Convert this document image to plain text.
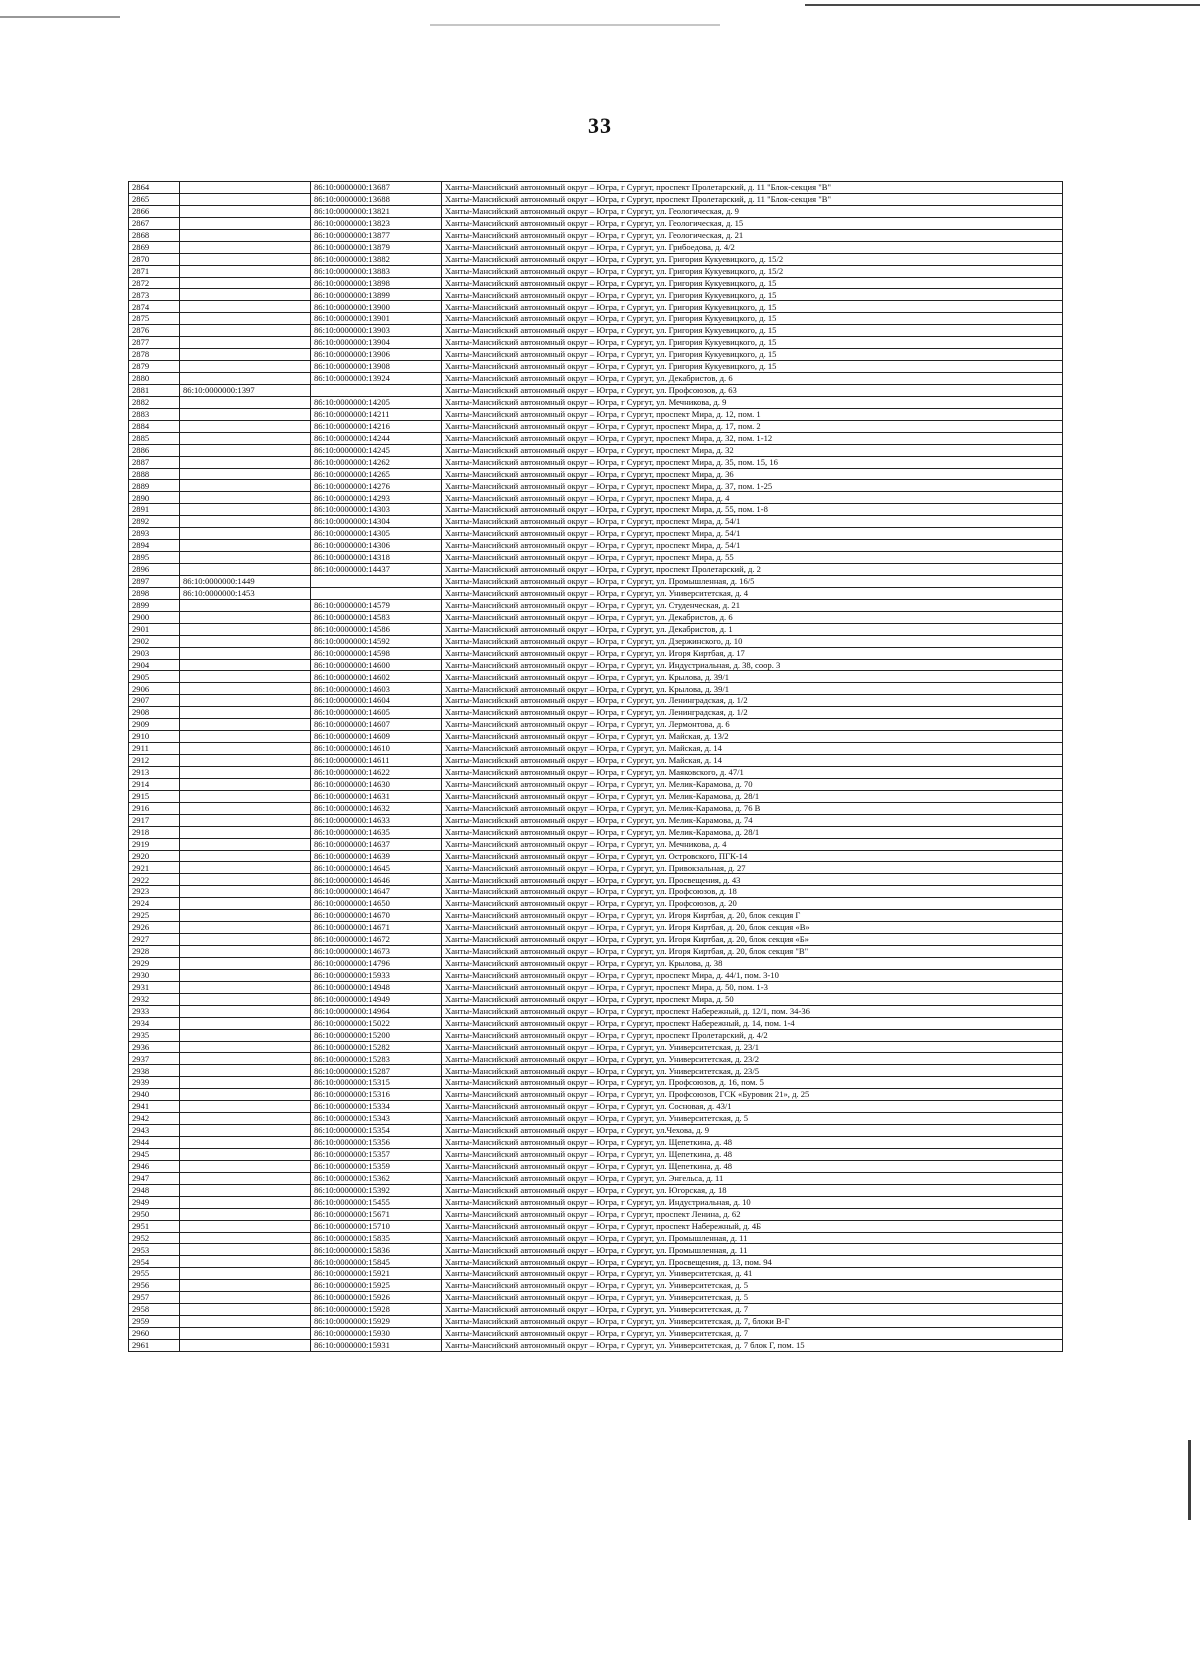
33
2864		86:10:0000000:13687	Ханты-Мансийский автономный округ – Югра, г Сургут, проспект Пролетарский, д. 11 "Блок-секция "В"
2865		86:10:0000000:13688	Ханты-Мансийский автономный округ – Югра, г Сургут, проспект Пролетарский, д. 11 "Блок-секция "В"
2866		86:10:0000000:13821	Ханты-Мансийский автономный округ – Югра, г Сургут, ул. Геологическая, д. 9
2867		86:10:0000000:13823	Ханты-Мансийский автономный округ – Югра, г Сургут, ул. Геологическая, д. 15
2868		86:10:0000000:13877	Ханты-Мансийский автономный округ – Югра, г Сургут, ул. Геологическая, д. 21
2869		86:10:0000000:13879	Ханты-Мансийский автономный округ – Югра, г Сургут, ул. Грибоедова, д. 4/2
2870		86:10:0000000:13882	Ханты-Мансийский автономный округ – Югра, г Сургут, ул. Григория Кукуевицкого, д. 15/2
2871		86:10:0000000:13883	Ханты-Мансийский автономный округ – Югра, г Сургут, ул. Григория Кукуевицкого, д. 15/2
2872		86:10:0000000:13898	Ханты-Мансийский автономный округ – Югра, г Сургут, ул. Григория Кукуевицкого, д. 15
2873		86:10:0000000:13899	Ханты-Мансийский автономный округ – Югра, г Сургут, ул. Григория Кукуевицкого, д. 15
2874		86:10:0000000:13900	Ханты-Мансийский автономный округ – Югра, г Сургут, ул. Григория Кукуевицкого, д. 15
2875		86:10:0000000:13901	Ханты-Мансийский автономный округ – Югра, г Сургут, ул. Григория Кукуевицкого, д. 15
2876		86:10:0000000:13903	Ханты-Мансийский автономный округ – Югра, г Сургут, ул. Григория Кукуевицкого, д. 15
2877		86:10:0000000:13904	Ханты-Мансийский автономный округ – Югра, г Сургут, ул. Григория Кукуевицкого, д. 15
2878		86:10:0000000:13906	Ханты-Мансийский автономный округ – Югра, г Сургут, ул. Григория Кукуевицкого, д. 15
2879		86:10:0000000:13908	Ханты-Мансийский автономный округ – Югра, г Сургут, ул. Григория Кукуевицкого, д. 15
2880		86:10:0000000:13924	Ханты-Мансийский автономный округ – Югра, г Сургут, ул. Декабристов, д. 6
2881	86:10:0000000:1397		Ханты-Мансийский автономный округ – Югра, г Сургут, ул. Профсоюзов, д. 63
2882		86:10:0000000:14205	Ханты-Мансийский автономный округ – Югра, г Сургут, ул. Мечникова, д. 9
2883		86:10:0000000:14211	Ханты-Мансийский автономный округ – Югра, г Сургут, проспект Мира, д. 12, пом. 1
2884		86:10:0000000:14216	Ханты-Мансийский автономный округ – Югра, г Сургут, проспект Мира, д. 17, пом. 2
2885		86:10:0000000:14244	Ханты-Мансийский автономный округ – Югра, г Сургут, проспект Мира, д. 32, пом. 1-12
2886		86:10:0000000:14245	Ханты-Мансийский автономный округ – Югра, г Сургут, проспект Мира, д. 32
2887		86:10:0000000:14262	Ханты-Мансийский автономный округ – Югра, г Сургут, проспект Мира, д. 35, пом. 15, 16
2888		86:10:0000000:14265	Ханты-Мансийский автономный округ – Югра, г Сургут, проспект Мира, д. 36
2889		86:10:0000000:14276	Ханты-Мансийский автономный округ – Югра, г Сургут, проспект Мира, д. 37, пом. 1-25
2890		86:10:0000000:14293	Ханты-Мансийский автономный округ – Югра, г Сургут, проспект Мира, д. 4
2891		86:10:0000000:14303	Ханты-Мансийский автономный округ – Югра, г Сургут, проспект Мира, д. 55, пом. 1-8
2892		86:10:0000000:14304	Ханты-Мансийский автономный округ – Югра, г Сургут, проспект Мира, д. 54/1
2893		86:10:0000000:14305	Ханты-Мансийский автономный округ – Югра, г Сургут, проспект Мира, д. 54/1
2894		86:10:0000000:14306	Ханты-Мансийский автономный округ – Югра, г Сургут, проспект Мира, д. 54/1
2895		86:10:0000000:14318	Ханты-Мансийский автономный округ – Югра, г Сургут, проспект Мира, д. 55
2896		86:10:0000000:14437	Ханты-Мансийский автономный округ – Югра, г Сургут, проспект Пролетарский, д. 2
2897	86:10:0000000:1449		Ханты-Мансийский автономный округ – Югра, г Сургут, ул. Промышленная, д. 16/5
2898	86:10:0000000:1453		Ханты-Мансийский автономный округ – Югра, г Сургут, ул. Университетская, д. 4
2899		86:10:0000000:14579	Ханты-Мансийский автономный округ – Югра, г Сургут, ул. Студенческая, д. 21
2900		86:10:0000000:14583	Ханты-Мансийский автономный округ – Югра, г Сургут, ул. Декабристов, д. 6
2901		86:10:0000000:14586	Ханты-Мансийский автономный округ – Югра, г Сургут, ул. Декабристов, д. 1
2902		86:10:0000000:14592	Ханты-Мансийский автономный округ – Югра, г Сургут, ул. Дзержинского, д. 10
2903		86:10:0000000:14598	Ханты-Мансийский автономный округ – Югра, г Сургут, ул. Игоря Киртбая, д. 17
2904		86:10:0000000:14600	Ханты-Мансийский автономный округ – Югра, г Сургут, ул. Индустриальная, д. 38, соор. 3
2905		86:10:0000000:14602	Ханты-Мансийский автономный округ – Югра, г Сургут, ул. Крылова, д. 39/1
2906		86:10:0000000:14603	Ханты-Мансийский автономный округ – Югра, г Сургут, ул. Крылова, д. 39/1
2907		86:10:0000000:14604	Ханты-Мансийский автономный округ – Югра, г Сургут, ул. Ленинградская, д. 1/2
2908		86:10:0000000:14605	Ханты-Мансийский автономный округ – Югра, г Сургут, ул. Ленинградская, д. 1/2
2909		86:10:0000000:14607	Ханты-Мансийский автономный округ – Югра, г Сургут, ул. Лермонтова, д. 6
2910		86:10:0000000:14609	Ханты-Мансийский автономный округ – Югра, г Сургут, ул. Майская, д. 13/2
2911		86:10:0000000:14610	Ханты-Мансийский автономный округ – Югра, г Сургут, ул. Майская, д. 14
2912		86:10:0000000:14611	Ханты-Мансийский автономный округ – Югра, г Сургут, ул. Майская, д. 14
2913		86:10:0000000:14622	Ханты-Мансийский автономный округ – Югра, г Сургут, ул. Маяковского, д. 47/1
2914		86:10:0000000:14630	Ханты-Мансийский автономный округ – Югра, г Сургут, ул. Мелик-Карамова, д. 70
2915		86:10:0000000:14631	Ханты-Мансийский автономный округ – Югра, г Сургут, ул. Мелик-Карамова, д. 28/1
2916		86:10:0000000:14632	Ханты-Мансийский автономный округ – Югра, г Сургут, ул. Мелик-Карамова, д. 76 В
2917		86:10:0000000:14633	Ханты-Мансийский автономный округ – Югра, г Сургут, ул. Мелик-Карамова, д. 74
2918		86:10:0000000:14635	Ханты-Мансийский автономный округ – Югра, г Сургут, ул. Мелик-Карамова, д. 28/1
2919		86:10:0000000:14637	Ханты-Мансийский автономный округ – Югра, г Сургут, ул. Мечникова, д. 4
2920		86:10:0000000:14639	Ханты-Мансийский автономный округ – Югра, г Сургут, ул. Островского, ПГК-14
2921		86:10:0000000:14645	Ханты-Мансийский автономный округ – Югра, г Сургут, ул. Привокзальная, д. 27
2922		86:10:0000000:14646	Ханты-Мансийский автономный округ – Югра, г Сургут, ул. Просвещения, д. 43
2923		86:10:0000000:14647	Ханты-Мансийский автономный округ – Югра, г Сургут, ул. Профсоюзов, д. 18
2924		86:10:0000000:14650	Ханты-Мансийский автономный округ – Югра, г Сургут, ул. Профсоюзов, д. 20
2925		86:10:0000000:14670	Ханты-Мансийский автономный округ – Югра, г Сургут, ул. Игоря Киртбая, д. 20, блок секция Г
2926		86:10:0000000:14671	Ханты-Мансийский автономный округ – Югра, г Сургут, ул. Игоря Киртбая, д. 20, блок секция «В»
2927		86:10:0000000:14672	Ханты-Мансийский автономный округ – Югра, г Сургут, ул. Игоря Киртбая, д. 20, блок секция «Б»
2928		86:10:0000000:14673	Ханты-Мансийский автономный округ – Югра, г Сургут, ул. Игоря Киртбая, д. 20, блок секция "В"
2929		86:10:0000000:14796	Ханты-Мансийский автономный округ – Югра, г Сургут, ул. Крылова, д. 38
2930		86:10:0000000:15933	Ханты-Мансийский автономный округ – Югра, г Сургут, проспект Мира, д. 44/1, пом. 3-10
2931		86:10:0000000:14948	Ханты-Мансийский автономный округ – Югра, г Сургут, проспект Мира, д. 50, пом. 1-3
2932		86:10:0000000:14949	Ханты-Мансийский автономный округ – Югра, г Сургут, проспект Мира, д. 50
2933		86:10:0000000:14964	Ханты-Мансийский автономный округ – Югра, г Сургут, проспект Набережный, д. 12/1, пом. 34-36
2934		86:10:0000000:15022	Ханты-Мансийский автономный округ – Югра, г Сургут, проспект Набережный, д. 14, пом. 1-4
2935		86:10:0000000:15200	Ханты-Мансийский автономный округ – Югра, г Сургут, проспект Пролетарский, д. 4/2
2936		86:10:0000000:15282	Ханты-Мансийский автономный округ – Югра, г Сургут, ул. Университетская, д. 23/1
2937		86:10:0000000:15283	Ханты-Мансийский автономный округ – Югра, г Сургут, ул. Университетская, д. 23/2
2938		86:10:0000000:15287	Ханты-Мансийский автономный округ – Югра, г Сургут, ул. Университетская, д. 23/5
2939		86:10:0000000:15315	Ханты-Мансийский автономный округ – Югра, г Сургут, ул. Профсоюзов, д. 16, пом. 5
2940		86:10:0000000:15316	Ханты-Мансийский автономный округ – Югра, г Сургут, ул. Профсоюзов, ГСК «Буровик 21», д. 25
2941		86:10:0000000:15334	Ханты-Мансийский автономный округ – Югра, г Сургут, ул. Сосновая, д. 43/1
2942		86:10:0000000:15343	Ханты-Мансийский автономный округ – Югра, г Сургут, ул. Университетская, д. 5
2943		86:10:0000000:15354	Ханты-Мансийский автономный округ – Югра, г Сургут, ул.Чехова, д. 9
2944		86:10:0000000:15356	Ханты-Мансийский автономный округ – Югра, г Сургут, ул. Щепеткина, д. 48
2945		86:10:0000000:15357	Ханты-Мансийский автономный округ – Югра, г Сургут, ул. Щепеткина, д. 48
2946		86:10:0000000:15359	Ханты-Мансийский автономный округ – Югра, г Сургут, ул. Щепеткина, д. 48
2947		86:10:0000000:15362	Ханты-Мансийский автономный округ – Югра, г Сургут, ул. Энгельса, д. 11
2948		86:10:0000000:15392	Ханты-Мансийский автономный округ – Югра, г Сургут, ул. Югорская, д. 18
2949		86:10:0000000:15455	Ханты-Мансийский автономный округ – Югра, г Сургут, ул. Индустриальная, д. 10
2950		86:10:0000000:15671	Ханты-Мансийский автономный округ – Югра, г Сургут, проспект Ленина, д. 62
2951		86:10:0000000:15710	Ханты-Мансийский автономный округ – Югра, г Сургут, проспект Набережный, д. 4Б
2952		86:10:0000000:15835	Ханты-Мансийский автономный округ – Югра, г Сургут, ул. Промышленная, д. 11
2953		86:10:0000000:15836	Ханты-Мансийский автономный округ – Югра, г Сургут, ул. Промышленная, д. 11
2954		86:10:0000000:15845	Ханты-Мансийский автономный округ – Югра, г Сургут, ул. Просвещения, д. 13, пом. 94
2955		86:10:0000000:15921	Ханты-Мансийский автономный округ – Югра, г Сургут, ул. Университетская, д. 41
2956		86:10:0000000:15925	Ханты-Мансийский автономный округ – Югра, г Сургут, ул. Университетская, д. 5
2957		86:10:0000000:15926	Ханты-Мансийский автономный округ – Югра, г Сургут, ул. Университетская, д. 5
2958		86:10:0000000:15928	Ханты-Мансийский автономный округ – Югра, г Сургут, ул. Университетская, д. 7
2959		86:10:0000000:15929	Ханты-Мансийский автономный округ – Югра, г Сургут, ул. Университетская, д. 7, блоки В-Г
2960		86:10:0000000:15930	Ханты-Мансийский автономный округ – Югра, г Сургут, ул. Университетская, д. 7
2961		86:10:0000000:15931	Ханты-Мансийский автономный округ – Югра, г Сургут, ул. Университетская, д. 7 блок Г, пом. 15
